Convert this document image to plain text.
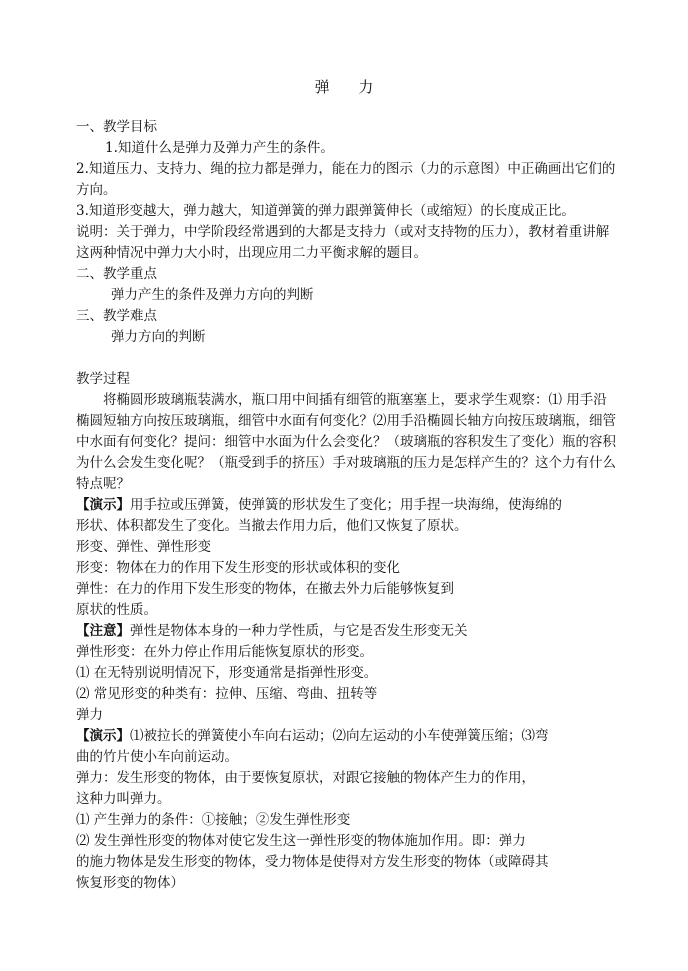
弹 力

一、教学目标

1.知道什么是弹力及弹力产生的条件。

2.知道压力、支持力、绳的拉力都是弹力，能在力的图示（力的示意图）中正确画出它们的方向。

3.知道形变越大，弹力越大，知道弹簧的弹力跟弹簧伸长（或缩短）的长度成正比。

说明：关于弹力，中学阶段经常遇到的大都是支持力（或对支持物的压力），教材着重讲解这两种情况中弹力大小时，出现应用二力平衡求解的题目。

二、教学重点

弹力产生的条件及弹力方向的判断

三、教学难点

弹力方向的判断

教学过程

将椭圆形玻璃瓶装满水，瓶口用中间插有细管的瓶塞塞上，要求学生观察：⑴ 用手沿椭圆短轴方向按压玻璃瓶，细管中水面有何变化？⑵用手沿椭圆长轴方向按压玻璃瓶，细管中水面有何变化？提问：细管中水面为什么会变化？（玻璃瓶的容积发生了变化）瓶的容积为什么会发生变化呢？（瓶受到手的挤压）手对玻璃瓶的压力是怎样产生的？这个力有什么特点呢？

【演示】用手拉或压弹簧，使弹簧的形状发生了变化；用手捏一块海绵，使海绵的

形状、体积都发生了变化。当撤去作用力后，他们又恢复了原状。

形变、弹性、弹性形变

形变：物体在力的作用下发生形变的形状或体积的变化

弹性：在力的作用下发生形变的物体，在撤去外力后能够恢复到

原状的性质。

【注意】弹性是物体本身的一种力学性质，与它是否发生形变无关

弹性形变：在外力停止作用后能恢复原状的形变。

⑴ 在无特别说明情况下，形变通常是指弹性形变。

⑵ 常见形变的种类有：拉伸、压缩、弯曲、扭转等

弹力

【演示】⑴被拉长的弹簧使小车向右运动；⑵向左运动的小车使弹簧压缩；⑶弯

曲的竹片使小车向前运动。

弹力：发生形变的物体，由于要恢复原状，对跟它接触的物体产生力的作用，

这种力叫弹力。

⑴ 产生弹力的条件：①接触；②发生弹性形变

⑵ 发生弹性形变的物体对使它发生这一弹性形变的物体施加作用。即：弹力

的施力物体是发生形变的物体，受力物体是使得对方发生形变的物体（或障碍其

恢复形变的物体）
